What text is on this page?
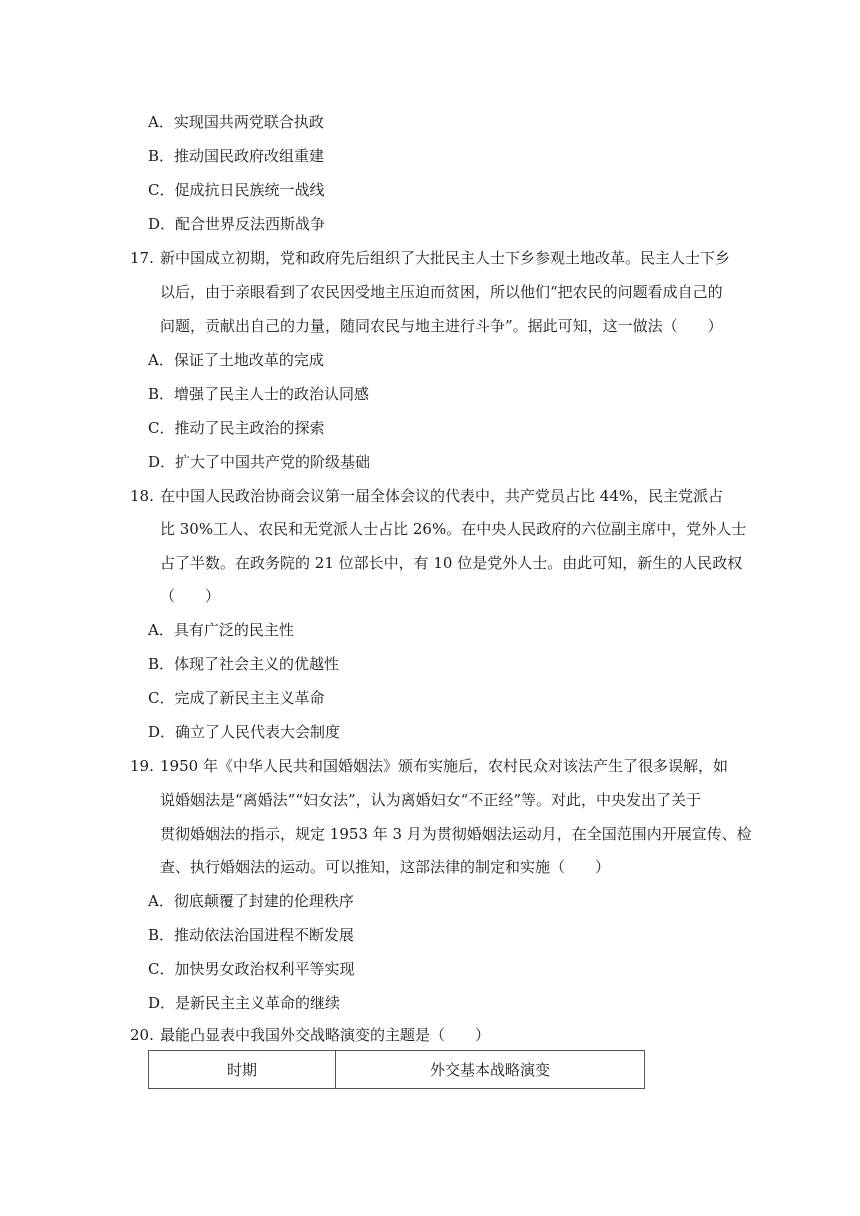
A．实现国共两党联合执政
B．推动国民政府改组重建
C．促成抗日民族统一战线
D．配合世界反法西斯战争
17. 新中国成立初期，党和政府先后组织了大批民主人士下乡参观土地改革。民主人士下乡
以后，由于亲眼看到了农民因受地主压迫而贫困，所以他们“把农民的问题看成自己的
问题，贡献出自己的力量，随同农民与地主进行斗争”。据此可知，这一做法（　　）
A．保证了土地改革的完成
B．增强了民主人士的政治认同感
C．推动了民主政治的探索
D．扩大了中国共产党的阶级基础
18. 在中国人民政治协商会议第一届全体会议的代表中，共产党员占比 44%，民主党派占
比 30%工人、农民和无党派人士占比 26%。在中央人民政府的六位副主席中，党外人士
占了半数。在政务院的 21 位部长中，有 10 位是党外人士。由此可知，新生的人民政权
（　　）
A．具有广泛的民主性
B．体现了社会主义的优越性
C．完成了新民主主义革命
D．确立了人民代表大会制度
19. 1950 年《中华人民共和国婚姻法》颁布实施后，农村民众对该法产生了很多误解，如
说婚姻法是“离婚法”“妇女法”，认为离婚妇女“不正经”等。对此，中央发出了关于
贯彻婚姻法的指示，规定 1953 年 3 月为贯彻婚姻法运动月，在全国范围内开展宣传、检
查、执行婚姻法的运动。可以推知，这部法律的制定和实施（　　）
A．彻底颠覆了封建的伦理秩序
B．推动依法治国进程不断发展
C．加快男女政治权利平等实现
D．是新民主主义革命的继续
20. 最能凸显表中我国外交战略演变的主题是（　　）
时期	外交基本战略演变
